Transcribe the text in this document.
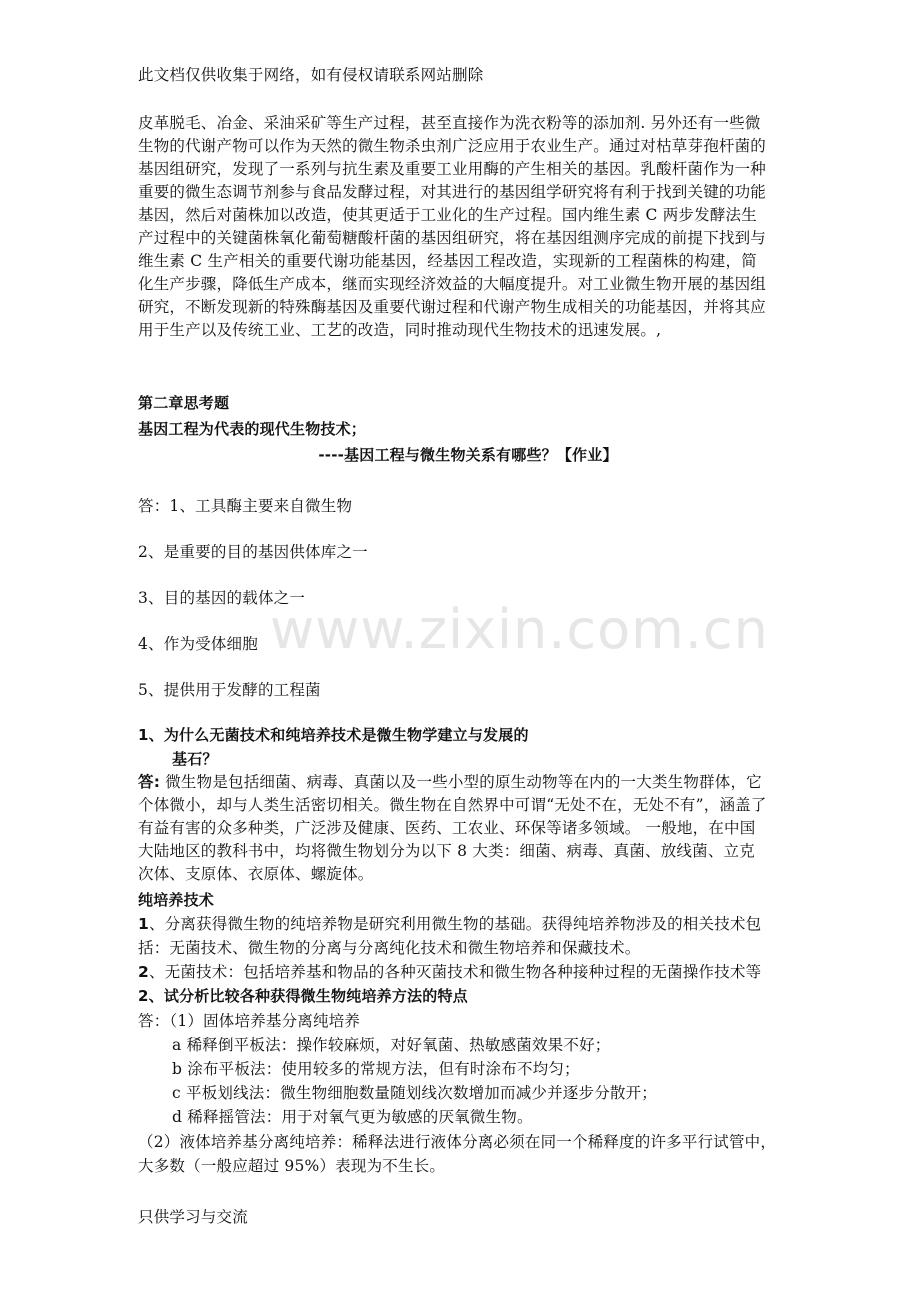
www.zixin.com.cn
此文档仅供收集于网络，如有侵权请联系网站删除
皮革脱毛、冶金、采油采矿等生产过程，甚至直接作为洗衣粉等的添加剂. 另外还有一些微
生物的代谢产物可以作为天然的微生物杀虫剂广泛应用于农业生产。通过对枯草芽孢杆菌的
基因组研究，发现了一系列与抗生素及重要工业用酶的产生相关的基因。乳酸杆菌作为一种
重要的微生态调节剂参与食品发酵过程，对其进行的基因组学研究将有利于找到关键的功能
基因，然后对菌株加以改造，使其更适于工业化的生产过程。国内维生素 C 两步发酵法生
产过程中的关键菌株氧化葡萄糖酸杆菌的基因组研究，将在基因组测序完成的前提下找到与
维生素 C 生产相关的重要代谢功能基因，经基因工程改造，实现新的工程菌株的构建，简
化生产步骤，降低生产成本，继而实现经济效益的大幅度提升。对工业微生物开展的基因组
研究，不断发现新的特殊酶基因及重要代谢过程和代谢产物生成相关的功能基因，并将其应
用于生产以及传统工业、工艺的改造，同时推动现代生物技术的迅速发展。,
第二章思考题
基因工程为代表的现代生物技术；
----基因工程与微生物关系有哪些？【作业】
答：1、工具酶主要来自微生物
2、是重要的目的基因供体库之一
3、目的基因的载体之一
4、作为受体细胞
5、提供用于发酵的工程菌
1、为什么无菌技术和纯培养技术是微生物学建立与发展的
基石？
答: 微生物是包括细菌、病毒、真菌以及一些小型的原生动物等在内的一大类生物群体，它
个体微小，却与人类生活密切相关。微生物在自然界中可谓“无处不在，无处不有”，涵盖了
有益有害的众多种类，广泛涉及健康、医药、工农业、环保等诸多领域。 一般地，在中国
大陆地区的教科书中，均将微生物划分为以下 8 大类：细菌、病毒、真菌、放线菌、立克
次体、支原体、衣原体、螺旋体。
纯培养技术
1、分离获得微生物的纯培养物是研究利用微生物的基础。获得纯培养物涉及的相关技术包
括：无菌技术、微生物的分离与分离纯化技术和微生物培养和保藏技术。
2、无菌技术：包括培养基和物品的各种灭菌技术和微生物各种接种过程的无菌操作技术等
2、试分析比较各种获得微生物纯培养方法的特点
答：（1）固体培养基分离纯培养
a 稀释倒平板法：操作较麻烦，对好氧菌、热敏感菌效果不好；
b 涂布平板法：使用较多的常规方法，但有时涂布不均匀；
c 平板划线法：微生物细胞数量随划线次数增加而减少并逐步分散开；
d 稀释摇管法：用于对氧气更为敏感的厌氧微生物。
（2）液体培养基分离纯培养：稀释法进行液体分离必须在同一个稀释度的许多平行试管中，
大多数（一般应超过 95%）表现为不生长。
只供学习与交流
